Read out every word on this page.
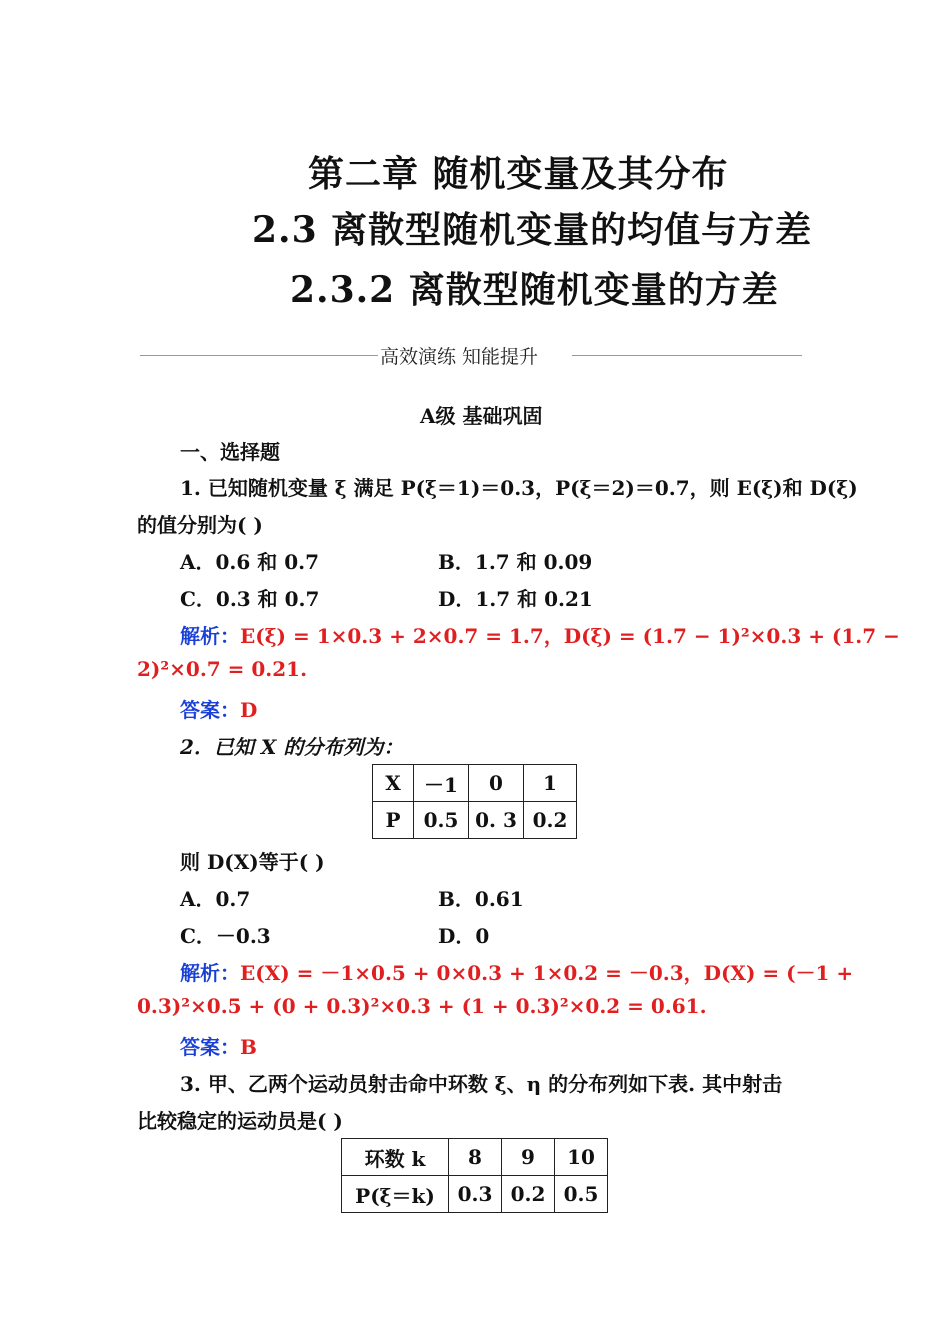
第二章 随机变量及其分布
2.3 离散型随机变量的均值与方差
2.3.2 离散型随机变量的方差
高效演练 知能提升
A级 基础巩固
一、选择题
1. 已知随机变量 ξ 满足 P(ξ＝1)＝0.3，P(ξ＝2)＝0.7，则 E(ξ)和 D(ξ)
的值分别为( )
A．0.6 和 0.7	B．1.7 和 0.09
C．0.3 和 0.7	D．1.7 和 0.21
解析：E(ξ) = 1×0.3 + 2×0.7 = 1.7，D(ξ) = (1.7 − 1)²×0.3 + (1.7 −
2)²×0.7 = 0.21.
答案：D
2．已知 X 的分布列为：
X	－1	0	1
P	0.5	0. 3	0.2
则 D(X)等于( )
A．0.7	B．0.61
C．－0.3	D．0
解析：E(X) = －1×0.5 + 0×0.3 + 1×0.2 = －0.3，D(X) = (－1 +
0.3)²×0.5 + (0 + 0.3)²×0.3 + (1 + 0.3)²×0.2 = 0.61.
答案：B
3. 甲、乙两个运动员射击命中环数 ξ、η 的分布列如下表. 其中射击
比较稳定的运动员是( )
环数 k	8	9	10
P(ξ＝k)	0.3	0.2	0.5
